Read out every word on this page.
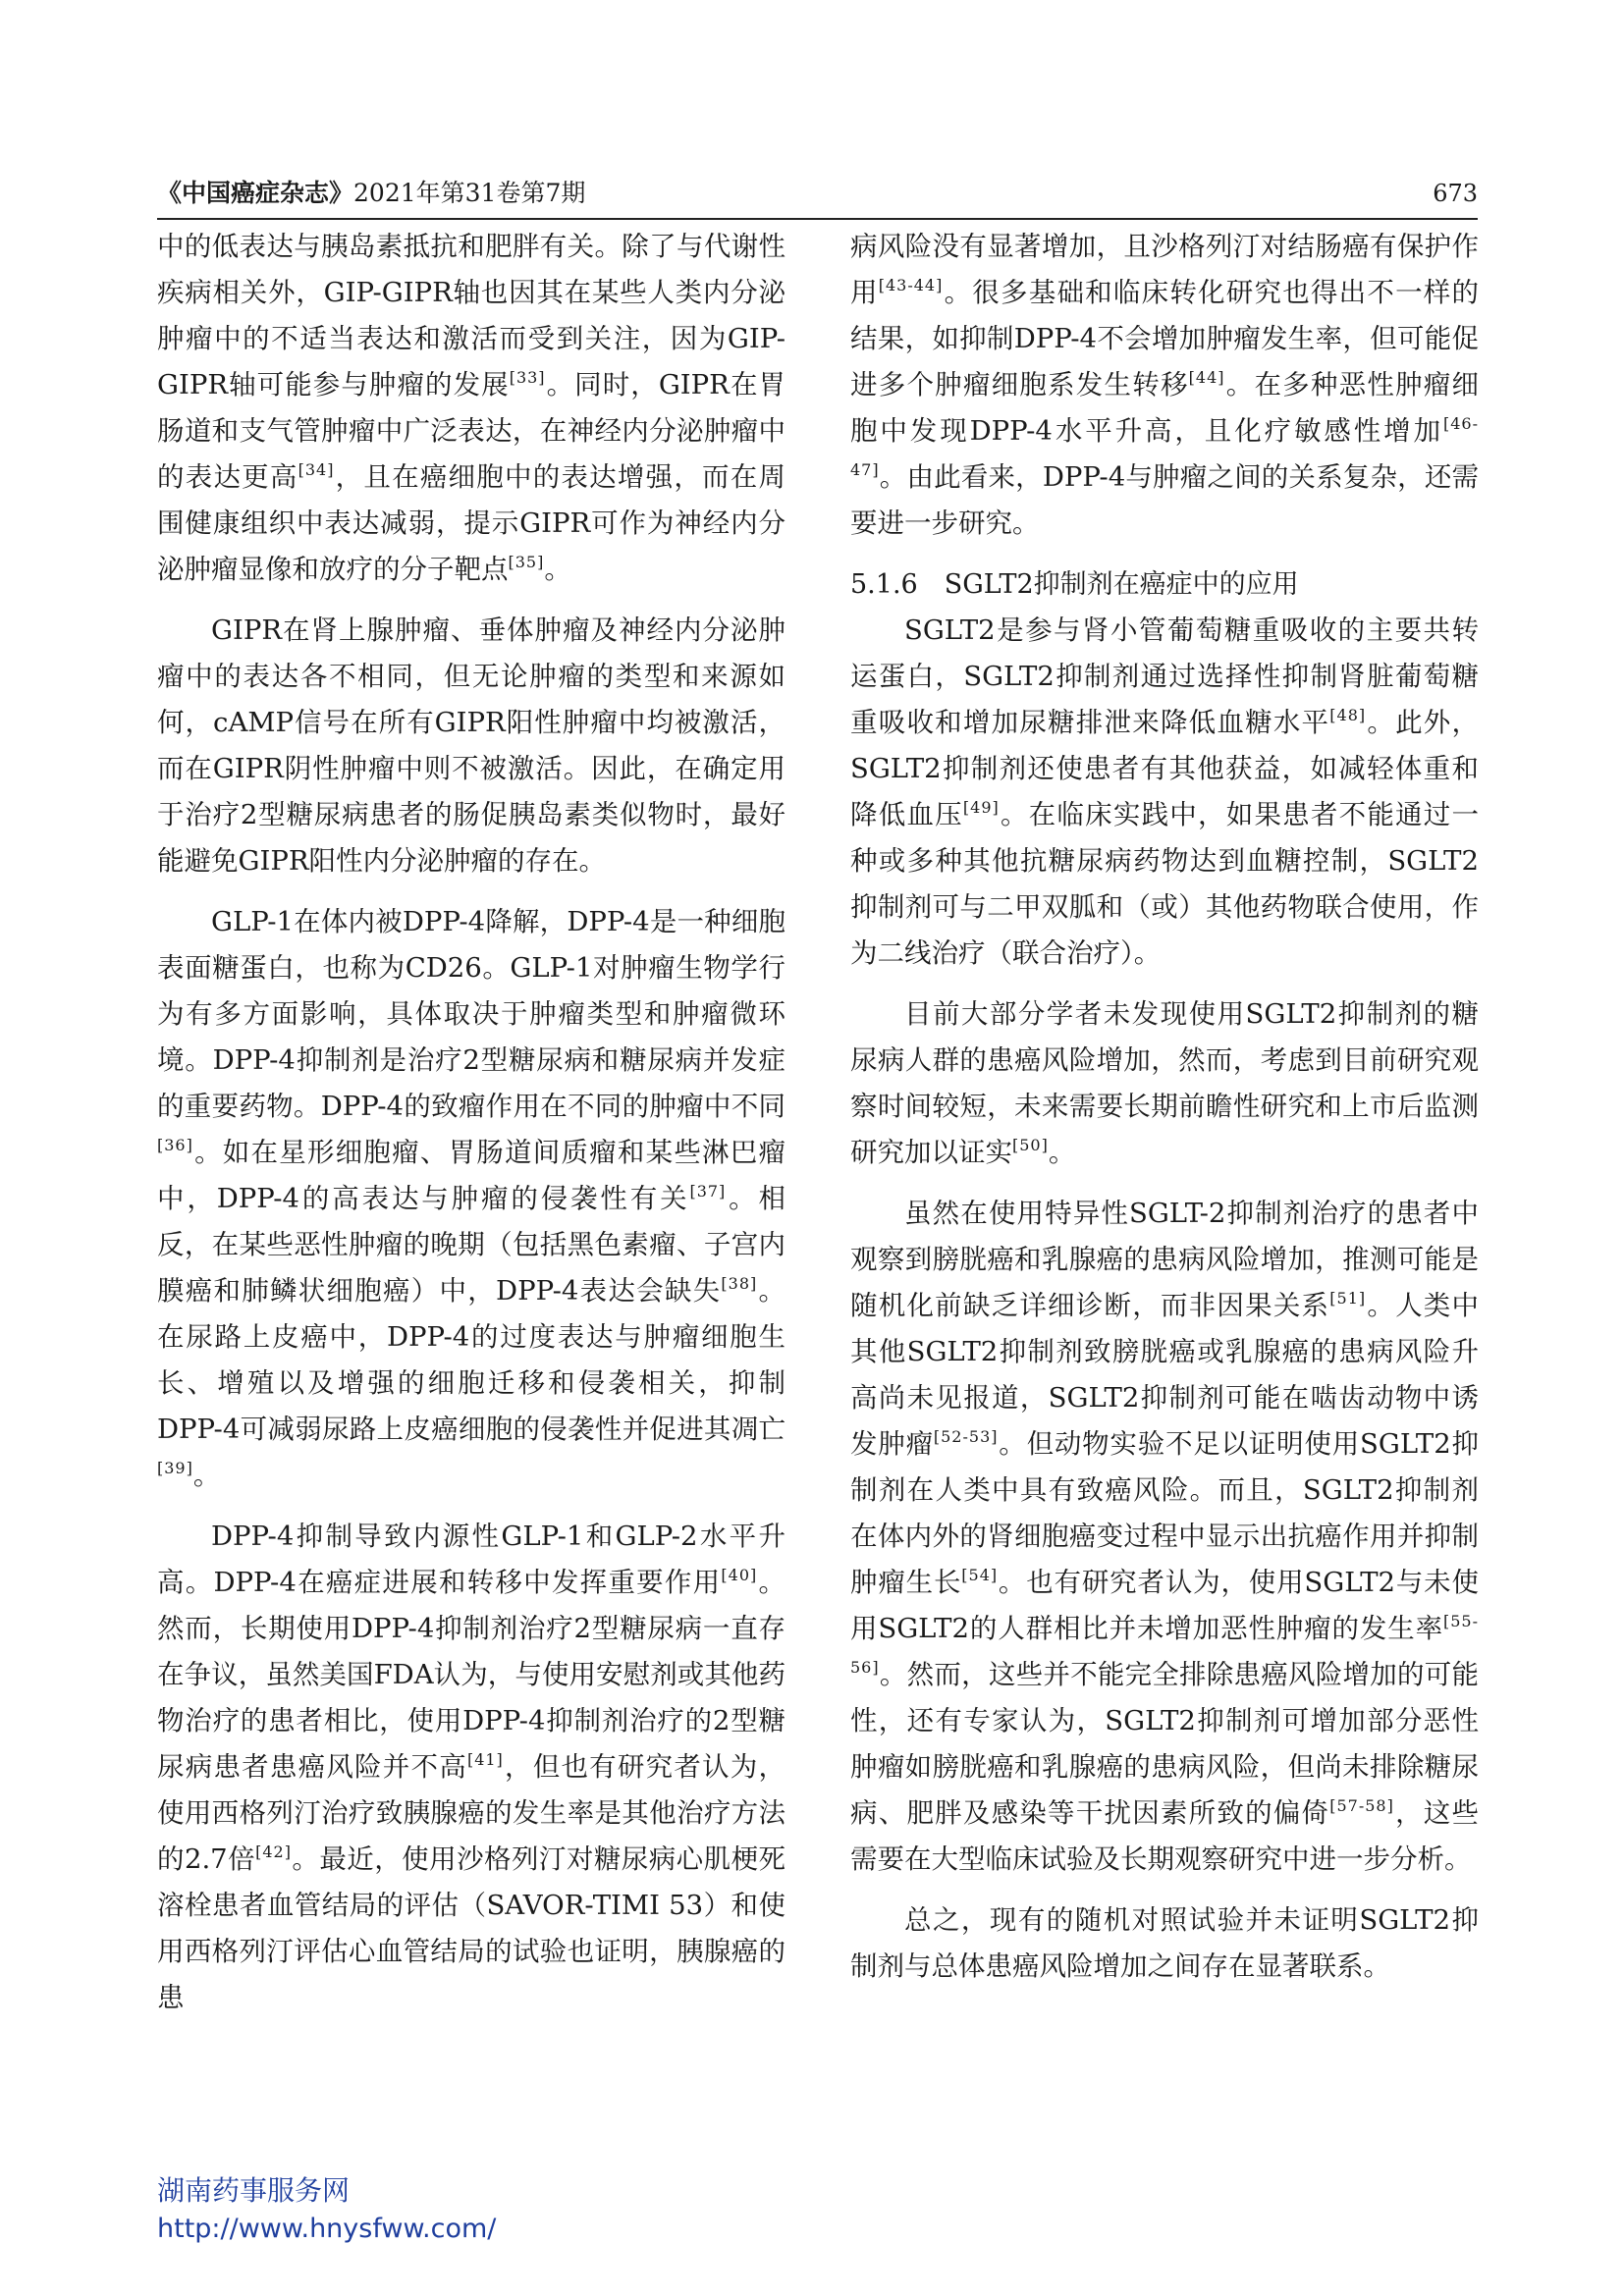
《中国癌症杂志》2021年第31卷第7期	673

中的低表达与胰岛素抵抗和肥胖有关。除了与代谢性疾病相关外，GIP-GIPR轴也因其在某些人类内分泌肿瘤中的不适当表达和激活而受到关注，因为GIP-GIPR轴可能参与肿瘤的发展[33]。同时，GIPR在胃肠道和支气管肿瘤中广泛表达，在神经内分泌肿瘤中的表达更高[34]，且在癌细胞中的表达增强，而在周围健康组织中表达减弱，提示GIPR可作为神经内分泌肿瘤显像和放疗的分子靶点[35]。

GIPR在肾上腺肿瘤、垂体肿瘤及神经内分泌肿瘤中的表达各不相同，但无论肿瘤的类型和来源如何，cAMP信号在所有GIPR阳性肿瘤中均被激活，而在GIPR阴性肿瘤中则不被激活。因此，在确定用于治疗2型糖尿病患者的肠促胰岛素类似物时，最好能避免GIPR阳性内分泌肿瘤的存在。

GLP-1在体内被DPP-4降解，DPP-4是一种细胞表面糖蛋白，也称为CD26。GLP-1对肿瘤生物学行为有多方面影响，具体取决于肿瘤类型和肿瘤微环境。DPP-4抑制剂是治疗2型糖尿病和糖尿病并发症的重要药物。DPP-4的致瘤作用在不同的肿瘤中不同[36]。如在星形细胞瘤、胃肠道间质瘤和某些淋巴瘤中，DPP-4的高表达与肿瘤的侵袭性有关[37]。相反，在某些恶性肿瘤的晚期（包括黑色素瘤、子宫内膜癌和肺鳞状细胞癌）中，DPP-4表达会缺失[38]。在尿路上皮癌中，DPP-4的过度表达与肿瘤细胞生长、增殖以及增强的细胞迁移和侵袭相关，抑制DPP-4可减弱尿路上皮癌细胞的侵袭性并促进其凋亡[39]。

DPP-4抑制导致内源性GLP-1和GLP-2水平升高。DPP-4在癌症进展和转移中发挥重要作用[40]。然而，长期使用DPP-4抑制剂治疗2型糖尿病一直存在争议，虽然美国FDA认为，与使用安慰剂或其他药物治疗的患者相比，使用DPP-4抑制剂治疗的2型糖尿病患者患癌风险并不高[41]，但也有研究者认为，使用西格列汀治疗致胰腺癌的发生率是其他治疗方法的2.7倍[42]。最近，使用沙格列汀对糖尿病心肌梗死溶栓患者血管结局的评估（SAVOR-TIMI 53）和使用西格列汀评估心血管结局的试验也证明，胰腺癌的患

病风险没有显著增加，且沙格列汀对结肠癌有保护作用[43-44]。很多基础和临床转化研究也得出不一样的结果，如抑制DPP-4不会增加肿瘤发生率，但可能促进多个肿瘤细胞系发生转移[44]。在多种恶性肿瘤细胞中发现DPP-4水平升高，且化疗敏感性增加[46-47]。由此看来，DPP-4与肿瘤之间的关系复杂，还需要进一步研究。

5.1.6　SGLT2抑制剂在癌症中的应用

SGLT2是参与肾小管葡萄糖重吸收的主要共转运蛋白，SGLT2抑制剂通过选择性抑制肾脏葡萄糖重吸收和增加尿糖排泄来降低血糖水平[48]。此外，SGLT2抑制剂还使患者有其他获益，如减轻体重和降低血压[49]。在临床实践中，如果患者不能通过一种或多种其他抗糖尿病药物达到血糖控制，SGLT2抑制剂可与二甲双胍和（或）其他药物联合使用，作为二线治疗（联合治疗）。

目前大部分学者未发现使用SGLT2抑制剂的糖尿病人群的患癌风险增加，然而，考虑到目前研究观察时间较短，未来需要长期前瞻性研究和上市后监测研究加以证实[50]。

虽然在使用特异性SGLT-2抑制剂治疗的患者中观察到膀胱癌和乳腺癌的患病风险增加，推测可能是随机化前缺乏详细诊断，而非因果关系[51]。人类中其他SGLT2抑制剂致膀胱癌或乳腺癌的患病风险升高尚未见报道，SGLT2抑制剂可能在啮齿动物中诱发肿瘤[52-53]。但动物实验不足以证明使用SGLT2抑制剂在人类中具有致癌风险。而且，SGLT2抑制剂在体内外的肾细胞癌变过程中显示出抗癌作用并抑制肿瘤生长[54]。也有研究者认为，使用SGLT2与未使用SGLT2的人群相比并未增加恶性肿瘤的发生率[55-56]。然而，这些并不能完全排除患癌风险增加的可能性，还有专家认为，SGLT2抑制剂可增加部分恶性肿瘤如膀胱癌和乳腺癌的患病风险，但尚未排除糖尿病、肥胖及感染等干扰因素所致的偏倚[57-58]，这些需要在大型临床试验及长期观察研究中进一步分析。

总之，现有的随机对照试验并未证明SGLT2抑制剂与总体患癌风险增加之间存在显著联系。

湖南药事服务网
http://www.hnysfww.com/
